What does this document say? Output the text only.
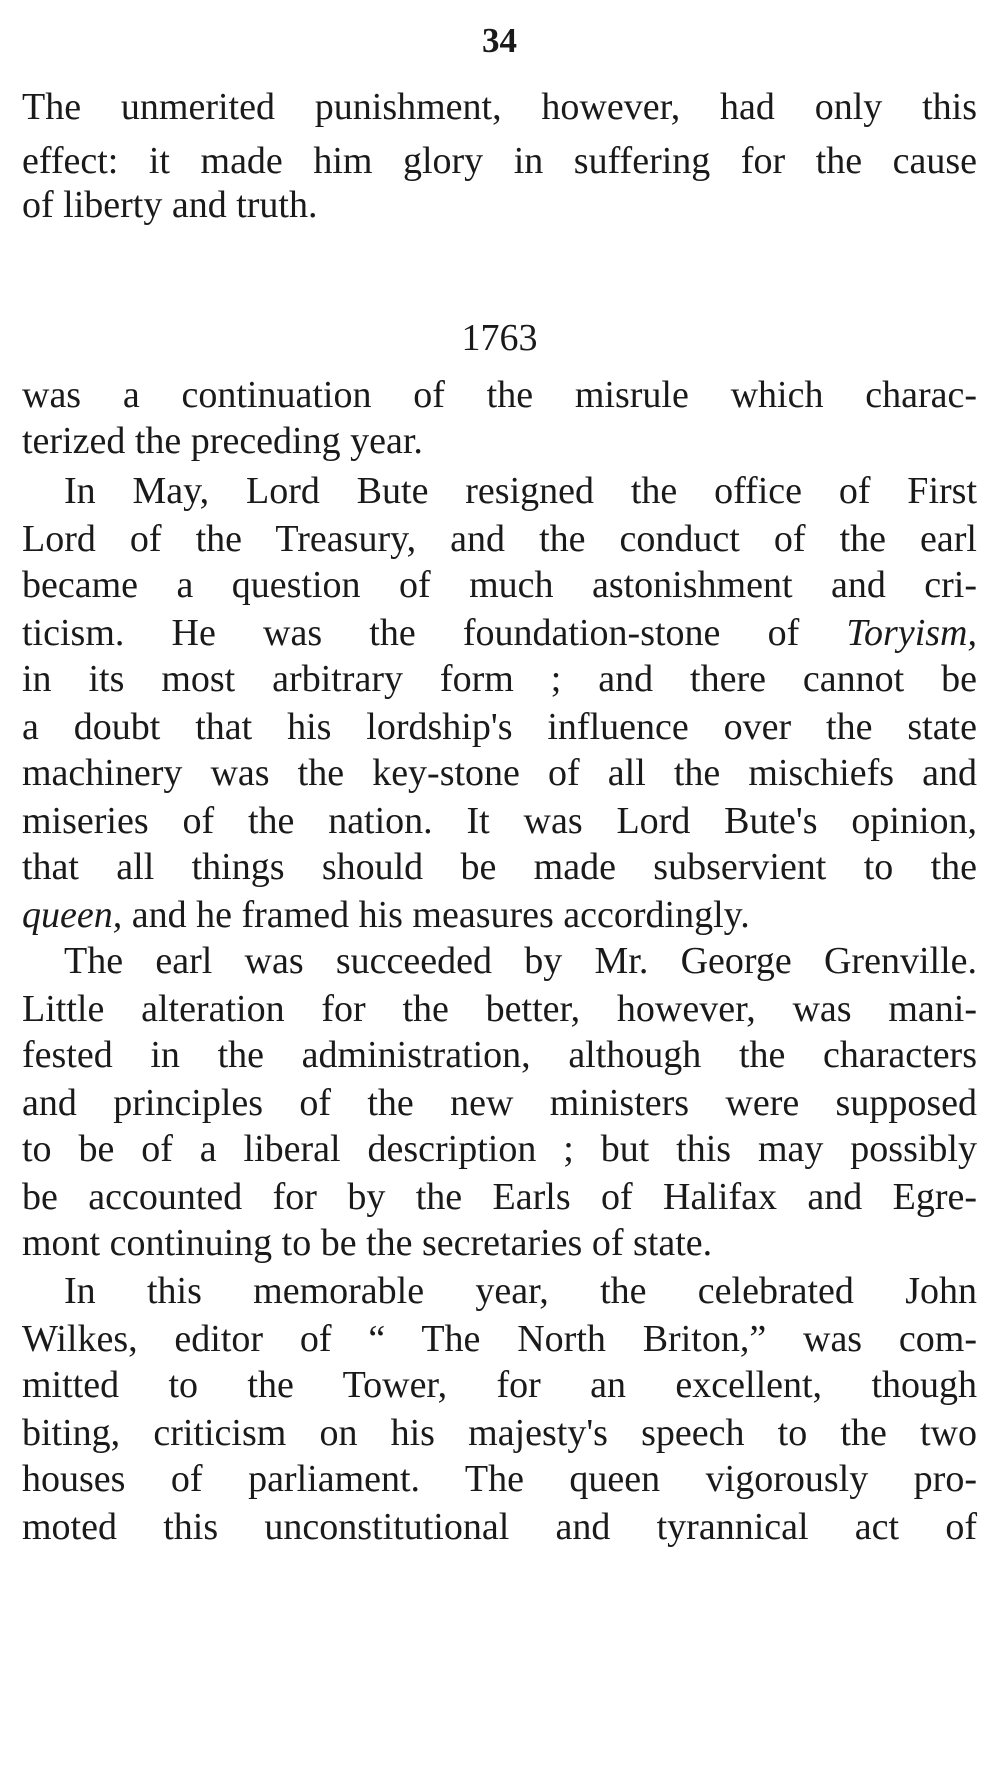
34
The unmerited punishment, however, had only this
effect: it made him glory in suffering for the cause
of liberty and truth.
1763
was a continuation of the misrule which charac-
terized the preceding year.
In May, Lord Bute resigned the office of First
Lord of the Treasury, and the conduct of the earl
became a question of much astonishment and cri-
ticism. He was the foundation-stone of Toryism,
in its most arbitrary form ; and there cannot be
a doubt that his lordship's influence over the state
machinery was the key-stone of all the mischiefs and
miseries of the nation. It was Lord Bute's opinion,
that all things should be made subservient to the
queen, and he framed his measures accordingly.
The earl was succeeded by Mr. George Grenville.
Little alteration for the better, however, was mani-
fested in the administration, although the characters
and principles of the new ministers were supposed
to be of a liberal description ; but this may possibly
be accounted for by the Earls of Halifax and Egre-
mont continuing to be the secretaries of state.
In this memorable year, the celebrated John
Wilkes, editor of “ The North Briton,” was com-
mitted to the Tower, for an excellent, though
biting, criticism on his majesty's speech to the two
houses of parliament. The queen vigorously pro-
moted this unconstitutional and tyrannical act of
